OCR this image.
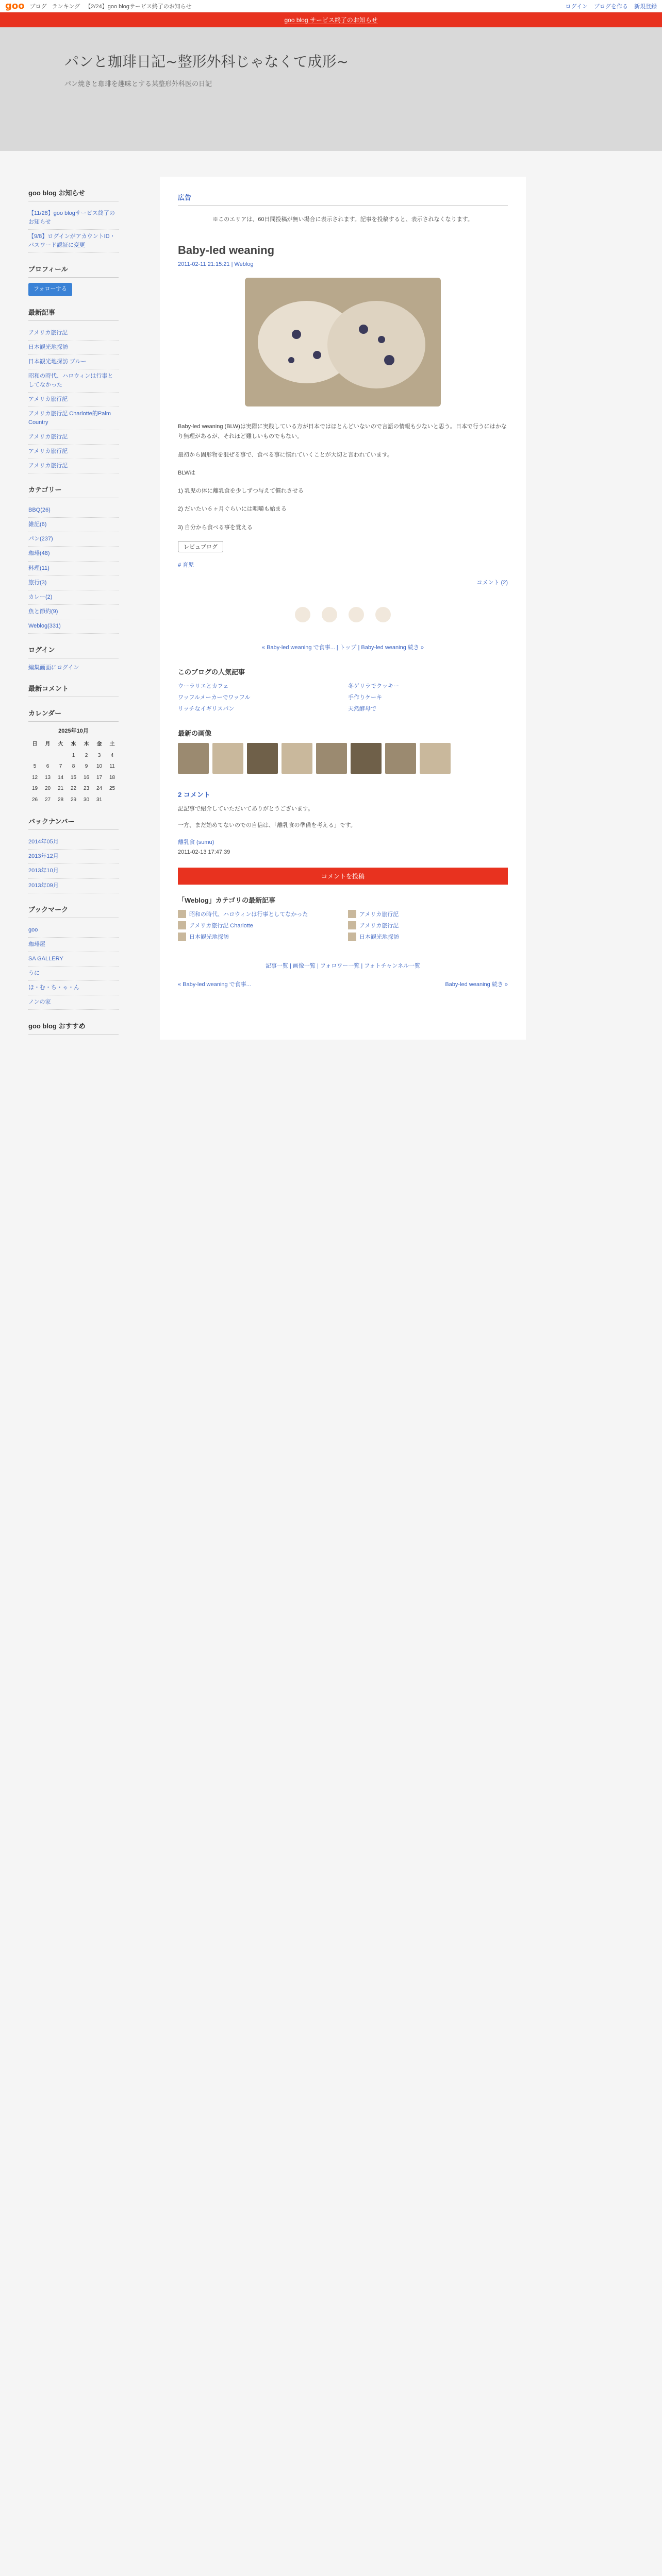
goo ブログ ランキング 【2/24】goo blogサービス終了のお知らせ	ログイン ブログを作る 新規登録
goo blog サービス終了のお知らせ
パンと珈琲日記~整形外科じゃなくて成形~
パン焼きと珈琲を趣味とする某整形外科医の日記
goo blog お知らせ
【11/28】goo blogサービス終了のお知らせ
【9/8】ログインがアカウントID・パスワード認証に変更
プロフィール
フォローする
最新記事
アメリカ旅行記
日本観光地探訪
日本観光地探訪 ブルー
昭和の時代、ハロウィンは行事としてなかった
アメリカ旅行記
アメリカ旅行記 Charlotte的Palm Country
アメリカ旅行記
アメリカ旅行記
アメリカ旅行記
カテゴリー
BBQ(26)
雑記(6)
パン(237)
珈琲(48)
料理(11)
旅行(3)
カレー(2)
魚と節約(9)
Weblog(331)
ログイン
編集画面にログイン
最新コメント
カレンダー
2025年10月
日	月	火	水	木	金	土
			1	2	3	4
5	6	7	8	9	10	11
12	13	14	15	16	17	18
19	20	21	22	23	24	25
26	27	28	29	30	31	
バックナンバー
2014年05月
2013年12月
2013年10月
2013年09月
ブックマーク
goo
珈琲屋
SA GALLERY
うに
ほ・む・ち・ゃ・ん
ノンの家
goo blog おすすめ
広告
※このエリアは、60日間投稿が無い場合に表示されます。記事を投稿すると、表示されなくなります。
Baby-led weaning
2011-02-11 21:15:21 | Weblog

Baby-led weaning (BLW)は実際に実践している方が日本ではほとんどいないので言語の情報も少ないと思う。日本で行うにはかなり無理があるが、それほど難しいものでもない。

最初から固形物を混ぜる事で、食べる事に慣れていくことが大切と言われています。

BLWは

1) 乳児の体に離乳食を少しずつ与えて慣れさせる

2) だいたい６ヶ月ぐらいには咀嚼も始まる

3) 自分から食べる事を覚える

レビュブログ
# 育児
コメント (2)
« Baby-led weaning で食事... | トップ | Baby-led weaning 続き »
このブログの人気記事
ウーラリエとカフェ	冬ゲリラでクッキー
ワッフルメーカーでワッフル	手作りケーキ
リッチなイギリスパン	天然酵母で
最新の画像
2 コメント

記記事で紹介していただいてありがとうございます。

一方、まだ始めてないのでの自信は、「離乳食の準備を考える」です。

離乳食 (sumu)
2011-02-13 17:47:39

コメントを投稿
「Weblog」カテゴリの最新記事
昭和の時代、ハロウィンは行事としてなかった	アメリカ旅行記
アメリカ旅行記 Charlotte	アメリカ旅行記
日本観光地探訪	日本観光地探訪
記事一覧 | 画像一覧 | フォロワー一覧 | フォトチャンネル一覧
« Baby-led weaning で食事...	Baby-led weaning 続き »
